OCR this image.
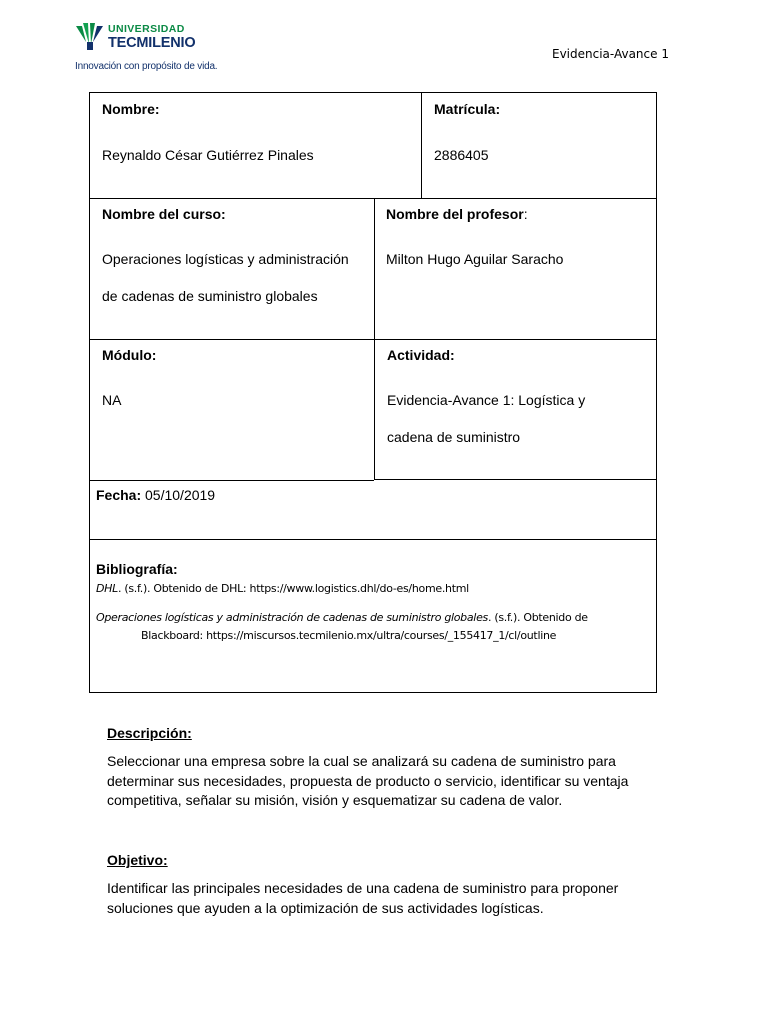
UNIVERSIDAD
TECMILENIO
Innovación con propósito de vida.
Evidencia-Avance 1
Nombre:
Reynaldo César Gutiérrez Pinales
Matrícula:
2886405
Nombre del curso:
Operaciones logísticas y administración
de cadenas de suministro globales
Nombre del profesor:
Milton Hugo Aguilar Saracho
Módulo:
NA
Actividad:
Evidencia-Avance 1: Logística y
cadena de suministro
Fecha: 05/10/2019
Bibliografía:
DHL. (s.f.). Obtenido de DHL: https://www.logistics.dhl/do-es/home.html
Operaciones logísticas y administración de cadenas de suministro globales. (s.f.). Obtenido de
Blackboard: https://miscursos.tecmilenio.mx/ultra/courses/_155417_1/cl/outline
Descripción:
Seleccionar una empresa sobre la cual se analizará su cadena de suministro para determinar sus necesidades, propuesta de producto o servicio, identificar su ventaja competitiva, señalar su misión, visión y esquematizar su cadena de valor.
Objetivo:
Identificar las principales necesidades de una cadena de suministro para proponer soluciones que ayuden a la optimización de sus actividades logísticas.
